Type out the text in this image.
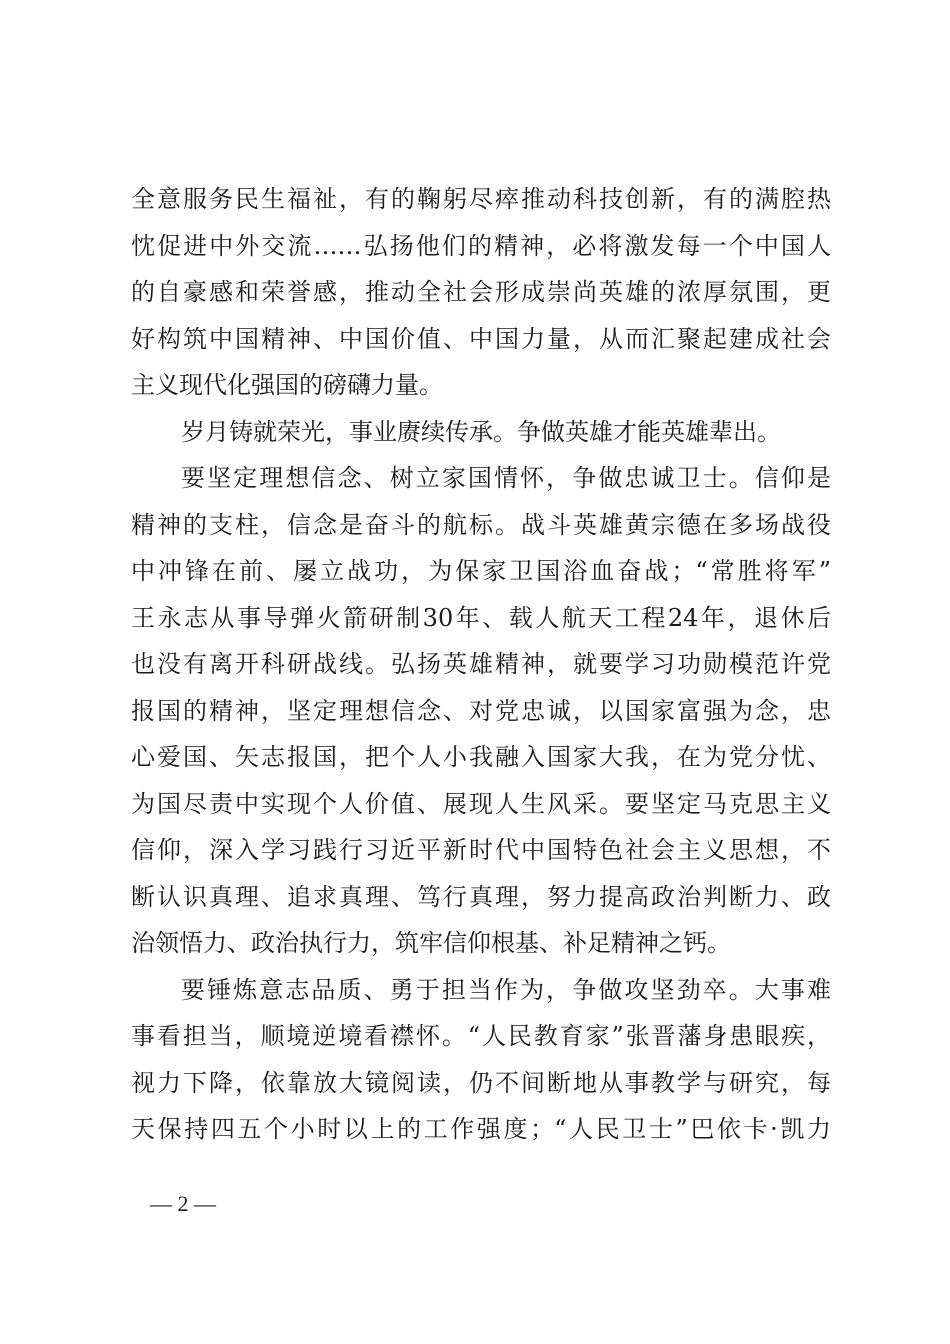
全意服务民生福祉，有的鞠躬尽瘁推动科技创新，有的满腔热
忱促进中外交流……弘扬他们的精神，必将激发每一个中国人
的自豪感和荣誉感，推动全社会形成崇尚英雄的浓厚氛围，更
好构筑中国精神、中国价值、中国力量，从而汇聚起建成社会
主义现代化强国的磅礴力量。
岁月铸就荣光，事业赓续传承。争做英雄才能英雄辈出。
要坚定理想信念、树立家国情怀，争做忠诚卫士。信仰是
精神的支柱，信念是奋斗的航标。战斗英雄黄宗德在多场战役
中冲锋在前、屡立战功，为保家卫国浴血奋战；“常胜将军”
王永志从事导弹火箭研制30年、载人航天工程24年，退休后
也没有离开科研战线。弘扬英雄精神，就要学习功勋模范许党
报国的精神，坚定理想信念、对党忠诚，以国家富强为念，忠
心爱国、矢志报国，把个人小我融入国家大我，在为党分忧、
为国尽责中实现个人价值、展现人生风采。要坚定马克思主义
信仰，深入学习践行习近平新时代中国特色社会主义思想，不
断认识真理、追求真理、笃行真理，努力提高政治判断力、政
治领悟力、政治执行力，筑牢信仰根基、补足精神之钙。
要锤炼意志品质、勇于担当作为，争做攻坚劲卒。大事难
事看担当，顺境逆境看襟怀。“人民教育家”张晋藩身患眼疾，
视力下降，依靠放大镜阅读，仍不间断地从事教学与研究，每
天保持四五个小时以上的工作强度；“人民卫士”巴依卡·凯力
— 2 —
